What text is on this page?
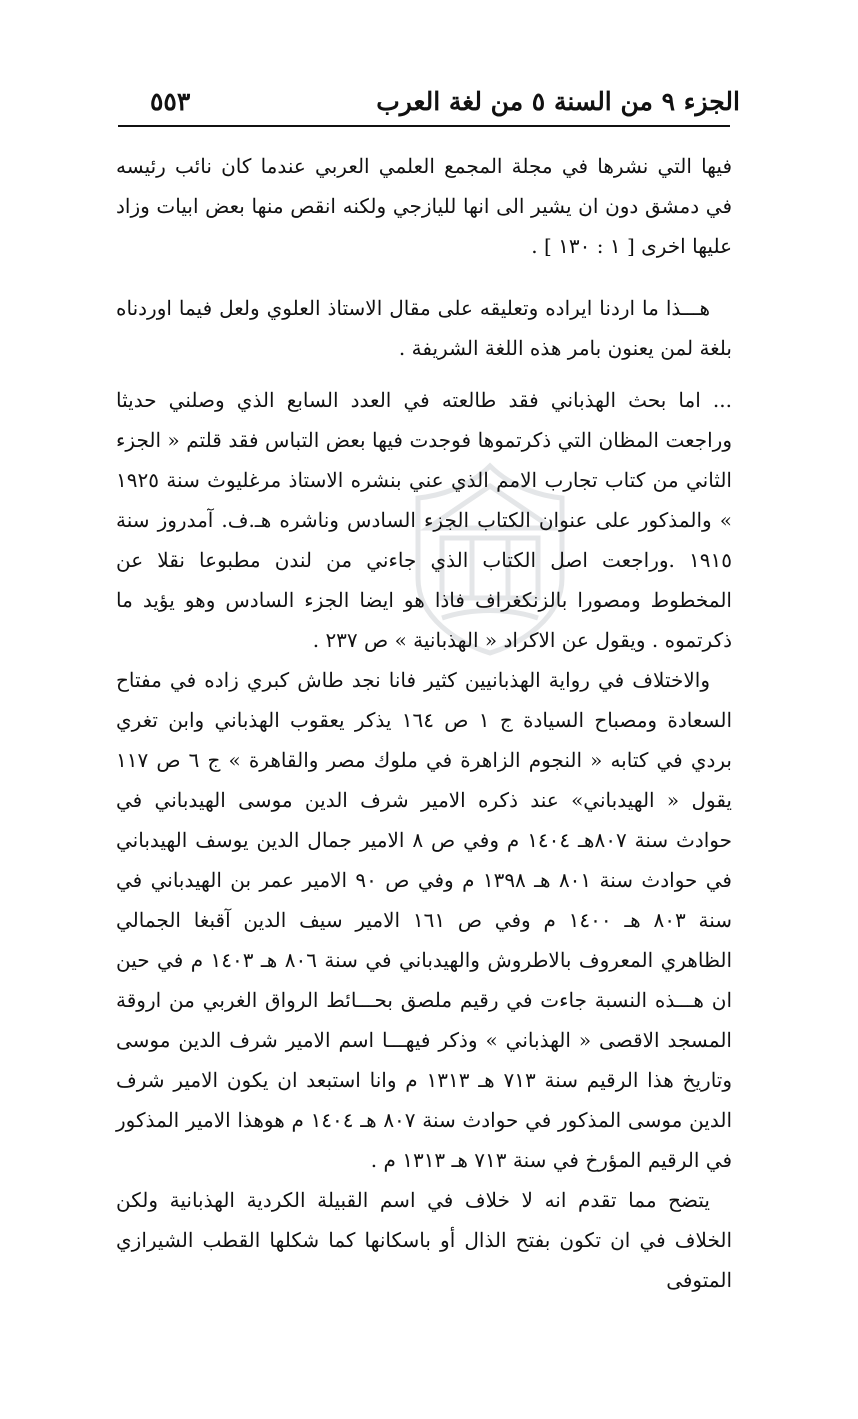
الجزء ٩ من السنة ٥ من لغة العرب
٥٥٣

فيها التي نشرها في مجلة المجمع العلمي العربي عندما كان نائب رئيسه في دمشق دون ان يشير الى انها لليازجي ولكنه انقص منها بعض ابيات وزاد عليها اخرى [ ١ : ١٣٠ ] .

هـــذا ما اردنا ايراده وتعليقه على مقال الاستاذ العلوي ولعل فيما اوردناه بلغة لمن يعنون بامر هذه اللغة الشريفة .

... اما بحث الهذباني فقد طالعته في العدد السابع الذي وصلني حديثا وراجعت المظان التي ذكرتموها فوجدت فيها بعض التباس فقد قلتم « الجزء الثاني من كتاب تجارب الامم الذي عني بنشره الاستاذ مرغليوث سنة ١٩٢٥ » والمذكور على عنوان الكتاب الجزء السادس وناشره هـ.ف. آمدروز سنة ١٩١٥ .وراجعت اصل الكتاب الذي جاءني من لندن مطبوعا نقلا عن المخطوط ومصورا بالزنكغراف فاذا هو ايضا الجزء السادس وهو يؤيد ما ذكرتموه . ويقول عن الاكراد « الهذبانية » ص ٢٣٧ .

والاختلاف في رواية الهذبانيين كثير فانا نجد طاش كبري زاده في مفتاح السعادة ومصباح السيادة ج ١ ص ١٦٤ يذكر يعقوب الهذباني وابن تغري بردي في كتابه « النجوم الزاهرة في ملوك مصر والقاهرة » ج ٦ ص ١١٧ يقول « الهيدباني» عند ذكره الامير شرف الدين موسى الهيدباني في حوادث سنة ٨٠٧هـ ١٤٠٤ م وفي ص ٨ الامير جمال الدين يوسف الهيدباني في حوادث سنة ٨٠١ هـ ١٣٩٨ م وفي ص ٩٠ الامير عمر بن الهيدباني في سنة ٨٠٣ هـ ١٤٠٠ م وفي ص ١٦١ الامير سيف الدين آقبغا الجمالي الظاهري المعروف بالاطروش والهيدباني في سنة ٨٠٦ هـ ١٤٠٣ م في حين ان هـــذه النسبة جاءت في رقيم ملصق بحـــائط الرواق الغربي من اروقة المسجد الاقصى « الهذباني » وذكر فيهـــا اسم الامير شرف الدين موسى وتاريخ هذا الرقيم سنة ٧١٣ هـ ١٣١٣ م وانا استبعد ان يكون الامير شرف الدين موسى المذكور في حوادث سنة ٨٠٧ هـ ١٤٠٤ م هوهذا الامير المذكور في الرقيم المؤرخ في سنة ٧١٣ هـ ١٣١٣ م .

يتضح مما تقدم انه لا خلاف في اسم القبيلة الكردية الهذبانية ولكن الخلاف في ان تكون بفتح الذال أو باسكانها كما شكلها القطب الشيرازي المتوفى
